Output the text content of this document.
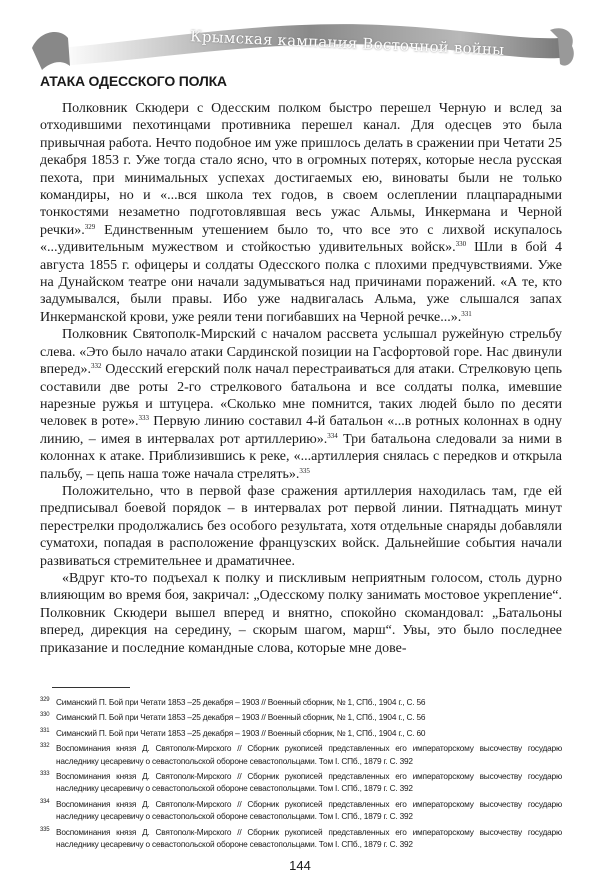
Крымская кампания Восточной войны
АТАКА ОДЕССКОГО ПОЛКА

Полковник Скюдери с Одесским полком быстро перешел Черную и вслед за отходившими пехотинцами противника перешел канал. Для одесцев это была привычная работа. Нечто подобное им уже пришлось делать в сражении при Четати 25 декабря 1853 г. Уже тогда стало ясно, что в огромных потерях, которые несла русская пехота, при минимальных успехах достигаемых ею, виноваты были не только командиры, но и «...вся школа тех годов, в своем ослеплении плацпарадными тонкостями незаметно подготовлявшая весь ужас Альмы, Инкермана и Черной речки».$^{329}$ Единственным утешением было то, что все это с лихвой искупалось «...удивительным мужеством и стойкостью удивительных войск».$^{330}$ Шли в бой 4 августа 1855 г. офицеры и солдаты Одесского полка с плохими предчувствиями. Уже на Дунайском театре они начали задумываться над причинами поражений. «А те, кто задумывался, были правы. Ибо уже надвигалась Альма, уже слышался запах Инкерманской крови, уже реяли тени погибавших на Черной речке...».$^{331}$

Полковник Святополк-Мирский с началом рассвета услышал ружейную стрельбу слева. «Это было начало атаки Сардинской позиции на Гасфортовой горе. Нас двинули вперед».$^{332}$ Одесский егерский полк начал перестраиваться для атаки. Стрелковую цепь составили две роты 2-го стрелкового батальона и все солдаты полка, имевшие нарезные ружья и штуцера. «Сколько мне помнится, таких людей было по десяти человек в роте».$^{333}$ Первую линию составил 4-й батальон «...в ротных колоннах в одну линию, – имея в интервалах рот артиллерию».$^{334}$ Три батальона следовали за ними в колоннах к атаке. Приблизившись к реке, «...артиллерия снялась с передков и открыла пальбу, – цепь наша тоже начала стрелять».$^{335}$

Положительно, что в первой фазе сражения артиллерия находилась там, где ей предписывал боевой порядок – в интервалах рот первой линии. Пятнадцать минут перестрелки продолжались без особого результата, хотя отдельные снаряды добавляли суматохи, попадая в расположение французских войск. Дальнейшие события начали развиваться стремительнее и драматичнее.

«Вдруг кто-то подъехал к полку и пискливым неприятным голосом, столь дурно влияющим во время боя, закричал: „Одесскому полку занимать мостовое укрепление“. Полковник Скюдери вышел вперед и внятно, спокойно скомандовал: „Батальоны вперед, дирекция на середину, – скорым шагом, марш“. Увы, это было последнее приказание и последние командные слова, которые мне дове-

329 Симанский П. Бой при Четати 1853 –25 декабря – 1903 // Военный сборник, № 1, СПб., 1904 г., С. 56
330 Симанский П. Бой при Четати 1853 –25 декабря – 1903 // Военный сборник, № 1, СПб., 1904 г., С. 56
331 Симанский П. Бой при Четати 1853 –25 декабря – 1903 // Военный сборник, № 1, СПб., 1904 г., С. 60
332 Воспоминания князя Д. Святополк-Мирского // Сборник рукописей представленных его императорскому высочеству государю наследнику цесаревичу о севастопольской обороне севастопольцами. Том I. СПб., 1879 г. С. 392
333 Воспоминания князя Д. Святополк-Мирского // Сборник рукописей представленных его императорскому высочеству государю наследнику цесаревичу о севастопольской обороне севастопольцами. Том I. СПб., 1879 г. С. 392
334 Воспоминания князя Д. Святополк-Мирского // Сборник рукописей представленных его императорскому высочеству государю наследнику цесаревичу о севастопольской обороне севастопольцами. Том I. СПб., 1879 г. С. 392
335 Воспоминания князя Д. Святополк-Мирского // Сборник рукописей представленных его императорскому высочеству государю наследнику цесаревичу о севастопольской обороне севастопольцами. Том I. СПб., 1879 г. С. 392
144
